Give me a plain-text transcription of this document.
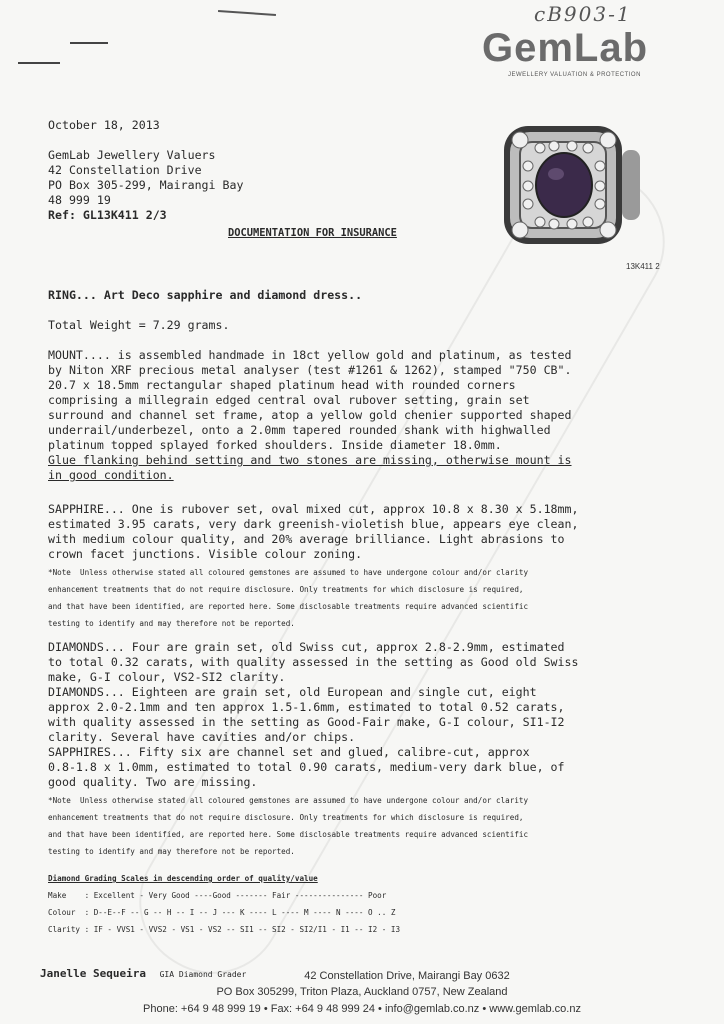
cB903-1
GemLab
JEWELLERY VALUATION & PROTECTION
13K411 2
October 18, 2013
GemLab Jewellery Valuers
42 Constellation Drive
PO Box 305-299, Mairangi Bay
48 999 19
Ref: GL13K411 2/3
DOCUMENTATION FOR INSURANCE
RING... Art Deco sapphire and diamond dress..
Total Weight = 7.29 grams.
MOUNT.... is assembled handmade in 18ct yellow gold and platinum, as tested
by Niton XRF precious metal analyser (test #1261 & 1262), stamped "750 CB".
20.7 x 18.5mm rectangular shaped platinum head with rounded corners
comprising a millegrain edged central oval rubover setting, grain set
surround and channel set frame, atop a yellow gold chenier supported shaped
underrail/underbezel, onto a 2.0mm tapered rounded shank with highwalled
platinum topped splayed forked shoulders. Inside diameter 18.0mm.
Glue flanking behind setting and two stones are missing, otherwise mount is
in good condition.
SAPPHIRE... One is rubover set, oval mixed cut, approx 10.8 x 8.30 x 5.18mm,
estimated 3.95 carats, very dark greenish-violetish blue, appears eye clean,
with medium colour quality, and 20% average brilliance. Light abrasions to
crown facet junctions. Visible colour zoning.
*Note  Unless otherwise stated all coloured gemstones are assumed to have undergone colour and/or clarity
enhancement treatments that do not require disclosure. Only treatments for which disclosure is required,
and that have been identified, are reported here. Some disclosable treatments require advanced scientific
testing to identify and may therefore not be reported.
DIAMONDS... Four are grain set, old Swiss cut, approx 2.8-2.9mm, estimated
to total 0.32 carats, with quality assessed in the setting as Good old Swiss
make, G-I colour, VS2-SI2 clarity.
DIAMONDS... Eighteen are grain set, old European and single cut, eight
approx 2.0-2.1mm and ten approx 1.5-1.6mm, estimated to total 0.52 carats,
with quality assessed in the setting as Good-Fair make, G-I colour, SI1-I2
clarity. Several have cavities and/or chips.
SAPPHIRES... Fifty six are channel set and glued, calibre-cut, approx
0.8-1.8 x 1.0mm, estimated to total 0.90 carats, medium-very dark blue, of
good quality. Two are missing.
*Note  Unless otherwise stated all coloured gemstones are assumed to have undergone colour and/or clarity
enhancement treatments that do not require disclosure. Only treatments for which disclosure is required,
and that have been identified, are reported here. Some disclosable treatments require advanced scientific
testing to identify and may therefore not be reported.
Diamond Grading Scales in descending order of quality/value
Make    : Excellent - Very Good ----Good ------- Fair --------------- Poor
Colour  : D--E--F -- G -- H -- I -- J --- K ---- L ---- M ---- N ---- O .. Z
Clarity : IF - VVS1 - VVS2 - VS1 - VS2 -- SI1 -- SI2 - SI2/I1 - I1 -- I2 - I3
Janelle Sequeira GIA Diamond Grader	42 Constellation Drive, Mairangi Bay 0632
PO Box 305299, Triton Plaza, Auckland 0757, New Zealand
Phone: +64 9 48 999 19 • Fax: +64 9 48 999 24 • info@gemlab.co.nz • www.gemlab.co.nz
